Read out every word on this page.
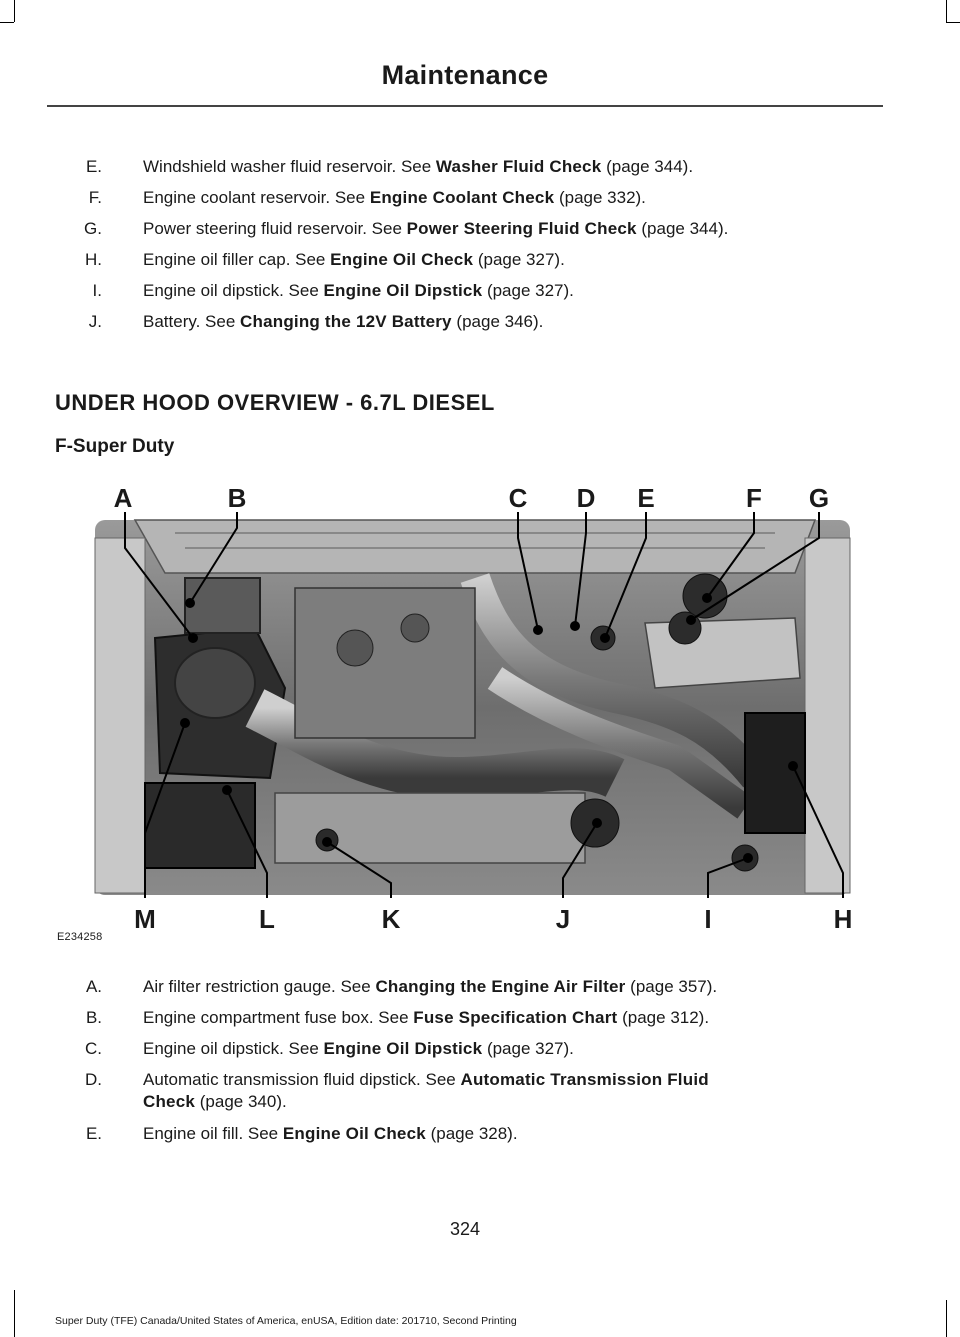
Maintenance
E. Windshield washer fluid reservoir. See Washer Fluid Check (page 344).
F. Engine coolant reservoir. See Engine Coolant Check (page 332).
G. Power steering fluid reservoir. See Power Steering Fluid Check (page 344).
H. Engine oil filler cap. See Engine Oil Check (page 327).
I. Engine oil dipstick. See Engine Oil Dipstick (page 327).
J. Battery. See Changing the 12V Battery (page 346).
UNDER HOOD OVERVIEW - 6.7L DIESEL
F-Super Duty
A	B	C D E	F G
M	L	K	J	I	H
E234258
A. Air filter restriction gauge. See Changing the Engine Air Filter (page 357).
B. Engine compartment fuse box. See Fuse Specification Chart (page 312).
C. Engine oil dipstick. See Engine Oil Dipstick (page 327).
D. Automatic transmission fluid dipstick. See Automatic Transmission Fluid Check (page 340).
E. Engine oil fill. See Engine Oil Check (page 328).
324
Super Duty (TFE) Canada/United States of America, enUSA, Edition date: 201710, Second Printing
